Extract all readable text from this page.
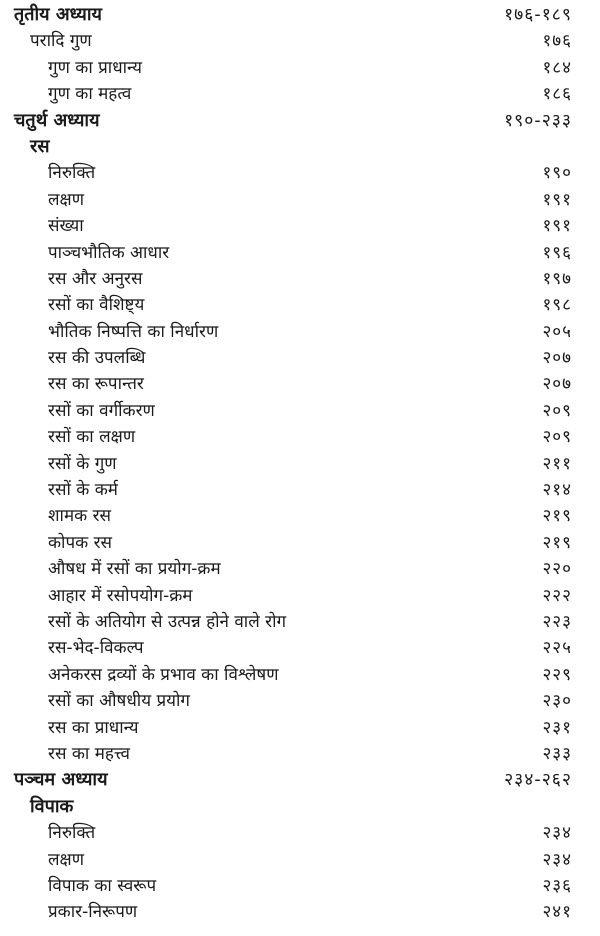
तृतीय अध्याय	१७६-१८९
परादि गुण	१७६
गुण का प्राधान्य	१८४
गुण का महत्व	१८६
चतुर्थ अध्याय	१९०-२३३
रस
निरुक्ति	१९०
लक्षण	१९१
संख्या	१९१
पाञ्चभौतिक आधार	१९६
रस और अनुरस	१९७
रसों का वैशिष्ट्य	१९८
भौतिक निष्पत्ति का निर्धारण	२०५
रस की उपलब्धि	२०७
रस का रूपान्तर	२०७
रसों का वर्गीकरण	२०९
रसों का लक्षण	२०९
रसों के गुण	२११
रसों के कर्म	२१४
शामक रस	२१९
कोपक रस	२१९
औषध में रसों का प्रयोग-क्रम	२२०
आहार में रसोपयोग-क्रम	२२२
रसों के अतियोग से उत्पन्न होने वाले रोग	२२३
रस-भेद-विकल्प	२२५
अनेकरस द्रव्यों के प्रभाव का विश्लेषण	२२९
रसों का औषधीय प्रयोग	२३०
रस का प्राधान्य	२३१
रस का महत्त्व	२३३
पञ्चम अध्याय	२३४-२६२
विपाक
निरुक्ति	२३४
लक्षण	२३४
विपाक का स्वरूप	२३६
प्रकार-निरूपण	२४१
